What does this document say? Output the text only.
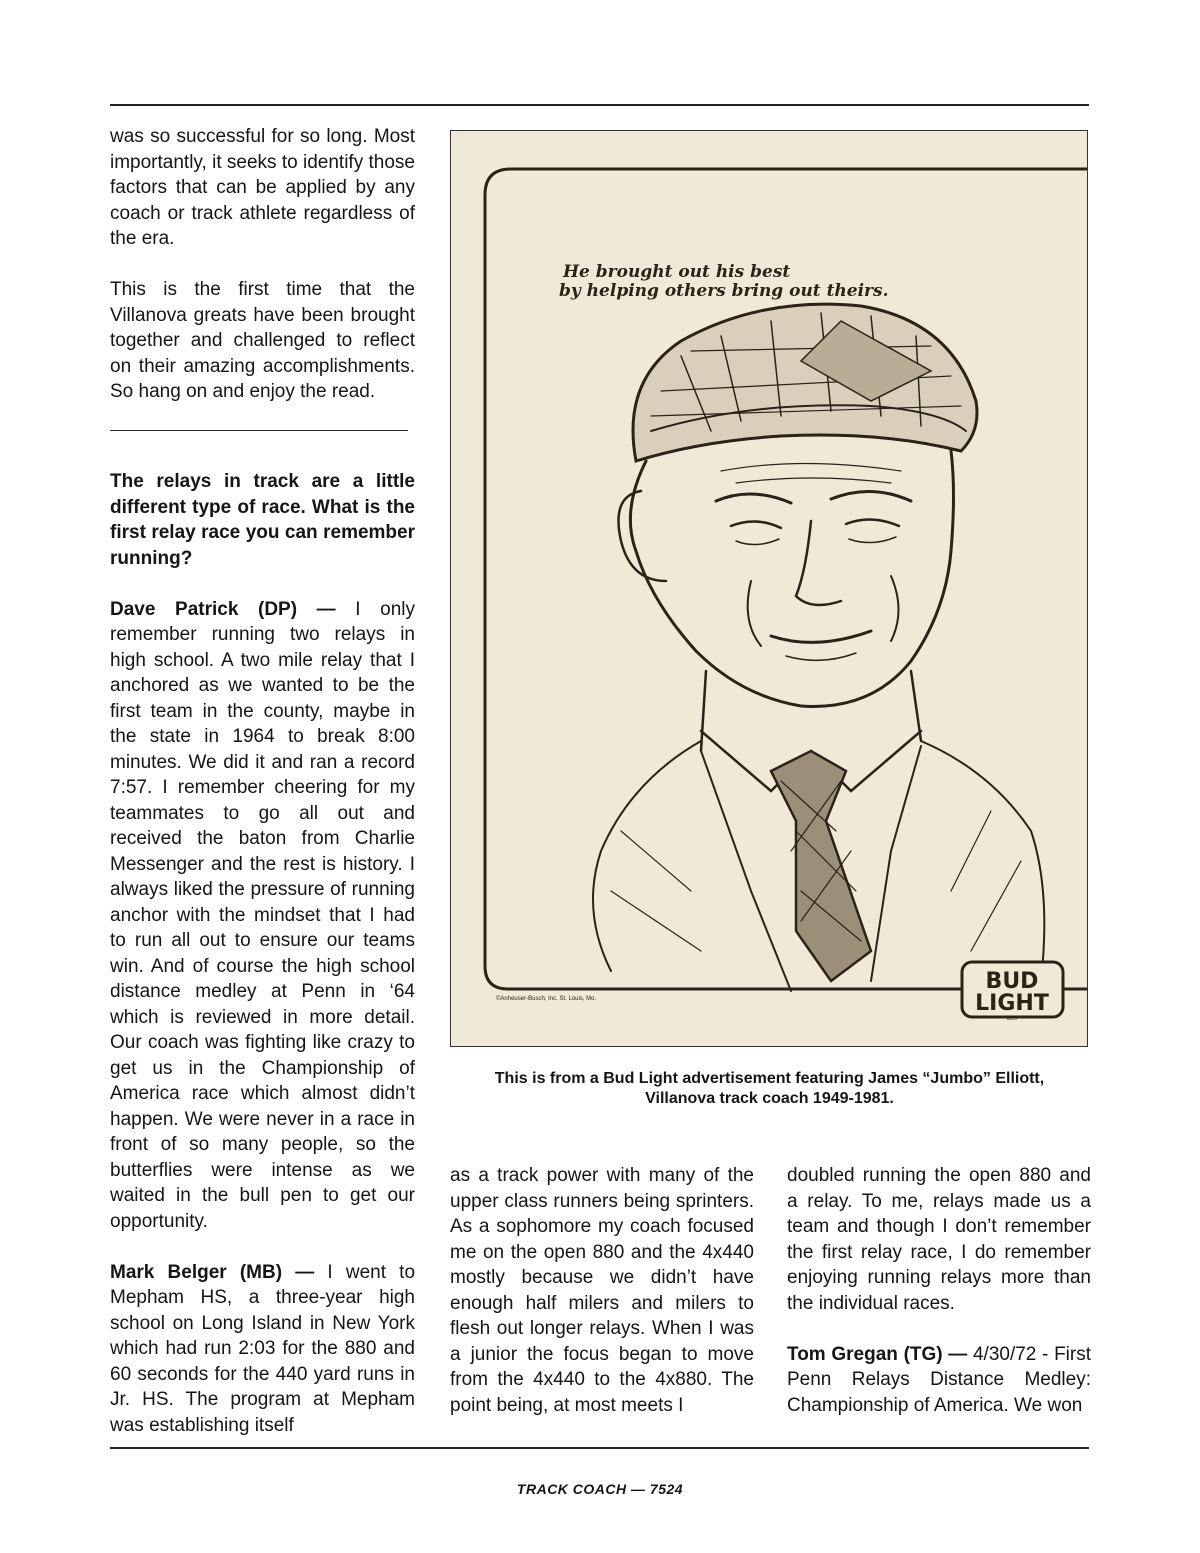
was so successful for so long. Most importantly, it seeks to identify those factors that can be applied by any coach or track athlete regardless of the era.

This is the first time that the Villanova greats have been brought together and challenged to reflect on their amazing accomplishments. So hang on and enjoy the read.

The relays in track are a little different type of race. What is the first relay race you can remember running?

Dave Patrick (DP) — I only remember running two relays in high school. A two mile relay that I anchored as we wanted to be the first team in the county, maybe in the state in 1964 to break 8:00 minutes. We did it and ran a record 7:57. I remember cheering for my teammates to go all out and received the baton from Charlie Messenger and the rest is history. I always liked the pressure of running anchor with the mindset that I had to run all out to ensure our teams win. And of course the high school distance medley at Penn in ‘64 which is reviewed in more detail. Our coach was fighting like crazy to get us in the Championship of America race which almost didn’t happen. We were never in a race in front of so many people, so the butterflies were intense as we waited in the bull pen to get our opportunity.

Mark Belger (MB) — I went to Mepham HS, a three-year high school on Long Island in New York which had run 2:03 for the 880 and 60 seconds for the 440 yard runs in Jr. HS. The program at Mepham was establishing itself

He brought out his best
by helping others bring out theirs.
©Anheuser-Busch, Inc. St. Louis, Mo.
BUD
LIGHT
BEER
This is from a Bud Light advertisement featuring James “Jumbo” Elliott,
Villanova track coach 1949-1981.

as a track power with many of the upper class runners being sprinters. As a sophomore my coach focused me on the open 880 and the 4x440 mostly because we didn’t have enough half milers and milers to flesh out longer relays. When I was a junior the focus began to move from the 4x440 to the 4x880. The point being, at most meets I

doubled running the open 880 and a relay. To me, relays made us a team and though I don’t remember the first relay race, I do remember enjoying running relays more than the individual races.

Tom Gregan (TG) — 4/30/72 - First Penn Relays Distance Medley: Championship of America. We won

TRACK COACH — 7524
